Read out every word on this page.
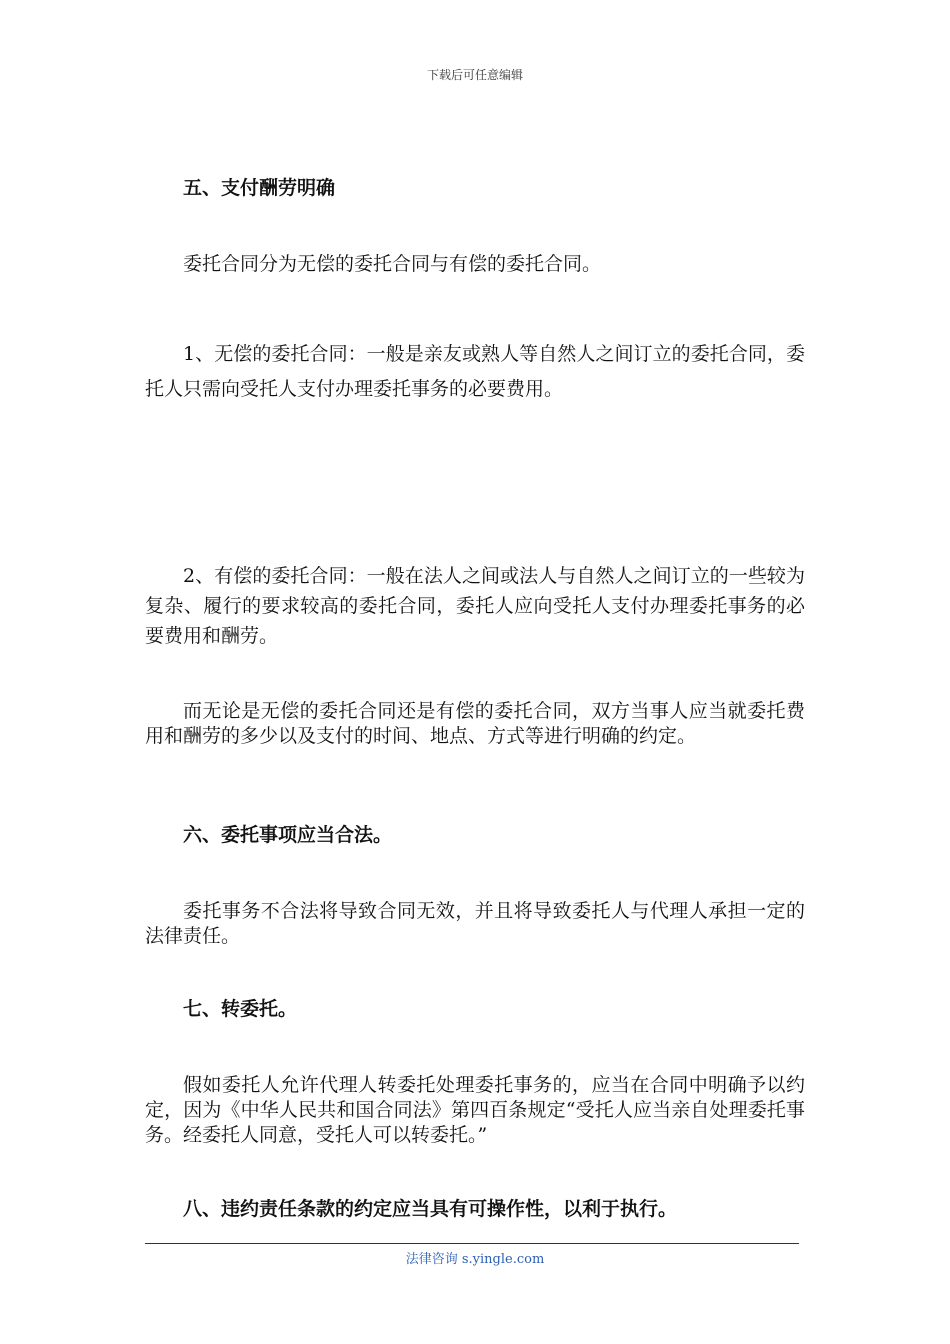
下载后可任意编辑
五、支付酬劳明确
委托合同分为无偿的委托合同与有偿的委托合同。
1、无偿的委托合同：一般是亲友或熟人等自然人之间订立的委托合同，委托人只需向受托人支付办理委托事务的必要费用。
2、有偿的委托合同：一般在法人之间或法人与自然人之间订立的一些较为复杂、履行的要求较高的委托合同，委托人应向受托人支付办理委托事务的必要费用和酬劳。
而无论是无偿的委托合同还是有偿的委托合同，双方当事人应当就委托费用和酬劳的多少以及支付的时间、地点、方式等进行明确的约定。
六、委托事项应当合法。
委托事务不合法将导致合同无效，并且将导致委托人与代理人承担一定的法律责任。
七、转委托。
假如委托人允许代理人转委托处理委托事务的，应当在合同中明确予以约定，因为《中华人民共和国合同法》第四百条规定“受托人应当亲自处理委托事务。经委托人同意，受托人可以转委托。”
八、违约责任条款的约定应当具有可操作性，以利于执行。
法律咨询 s.yingle.com
